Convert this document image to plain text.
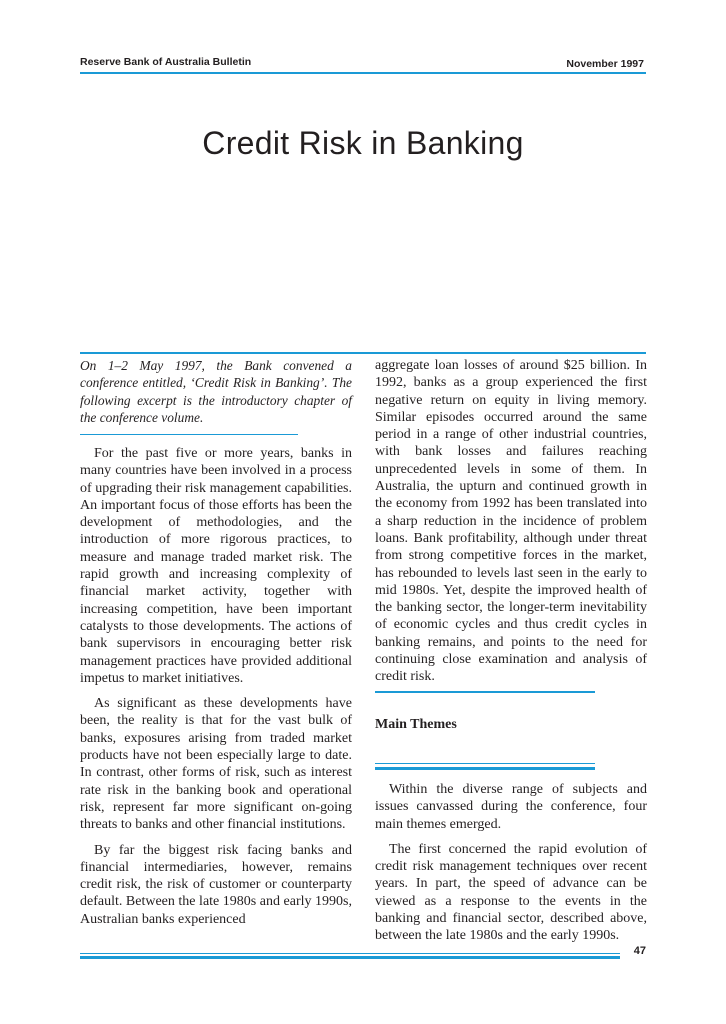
Reserve Bank of Australia Bulletin	November 1997
Credit Risk in Banking
On 1–2 May 1997, the Bank convened a conference entitled, ‘Credit Risk in Banking’. The following excerpt is the introductory chapter of the conference volume.

For the past five or more years, banks in many countries have been involved in a process of upgrading their risk management capabilities. An important focus of those efforts has been the development of methodologies, and the introduction of more rigorous practices, to measure and manage traded market risk. The rapid growth and increasing complexity of financial market activity, together with increasing competition, have been important catalysts to those developments. The actions of bank supervisors in encouraging better risk management practices have provided additional impetus to market initiatives.

As significant as these developments have been, the reality is that for the vast bulk of banks, exposures arising from traded market products have not been especially large to date. In contrast, other forms of risk, such as interest rate risk in the banking book and operational risk, represent far more significant on-going threats to banks and other financial institutions.

By far the biggest risk facing banks and financial intermediaries, however, remains credit risk, the risk of customer or counterparty default. Between the late 1980s and early 1990s, Australian banks experienced

aggregate loan losses of around $25 billion. In 1992, banks as a group experienced the first negative return on equity in living memory. Similar episodes occurred around the same period in a range of other industrial countries, with bank losses and failures reaching unprecedented levels in some of them. In Australia, the upturn and continued growth in the economy from 1992 has been translated into a sharp reduction in the incidence of problem loans. Bank profitability, although under threat from strong competitive forces in the market, has rebounded to levels last seen in the early to mid 1980s. Yet, despite the improved health of the banking sector, the longer-term inevitability of economic cycles and thus credit cycles in banking remains, and points to the need for continuing close examination and analysis of credit risk.

Main Themes

Within the diverse range of subjects and issues canvassed during the conference, four main themes emerged.

The first concerned the rapid evolution of credit risk management techniques over recent years. In part, the speed of advance can be viewed as a response to the events in the banking and financial sector, described above, between the late 1980s and the early 1990s.

47
